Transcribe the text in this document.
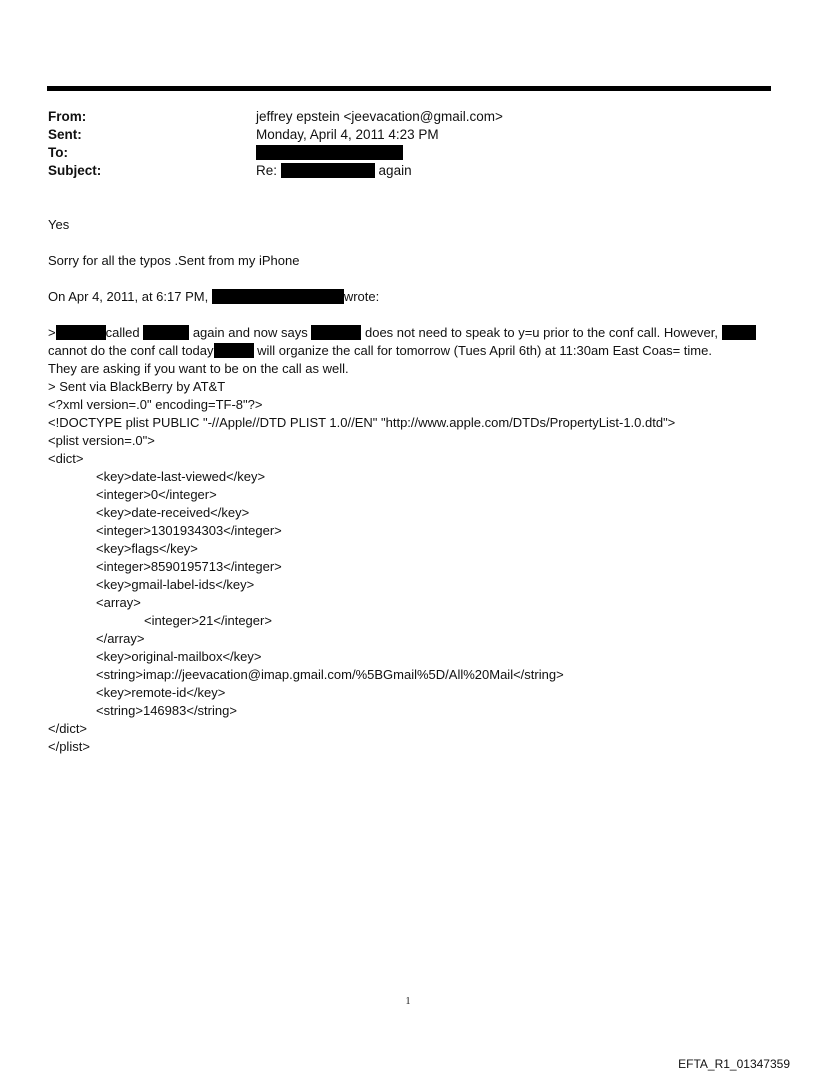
From:	jeffrey epstein <jeevacation@gmail.com>
Sent:	Monday, April 4, 2011 4:23 PM
To:
Subject:	Re:	again
Yes
Sorry for all the typos .Sent from my iPhone
On Apr 4, 2011, at 6:17 PM,	wrote:
>	called	again and now says	does not need to speak to y=u prior to the conf call. However,
cannot do the conf call today	will organize the call for tomorrow (Tues April 6th) at 11:30am East Coas= time.
They are asking if you want to be on the call as well.
> Sent via BlackBerry by AT&T
<?xml version=.0" encoding=TF-8"?>
<!DOCTYPE plist PUBLIC "-//Apple//DTD PLIST 1.0//EN" "http://www.apple.com/DTDs/PropertyList-1.0.dtd">
<plist version=.0">
<dict>
<key>date-last-viewed</key>
<integer>0</integer>
<key>date-received</key>
<integer>1301934303</integer>
<key>flags</key>
<integer>8590195713</integer>
<key>gmail-label-ids</key>
<array>
<integer>21</integer>
</array>
<key>original-mailbox</key>
<string>imap://jeevacation@imap.gmail.com/%5BGmail%5D/All%20Mail</string>
<key>remote-id</key>
<string>146983</string>
</dict>
</plist>
1
EFTA_R1_01347359
